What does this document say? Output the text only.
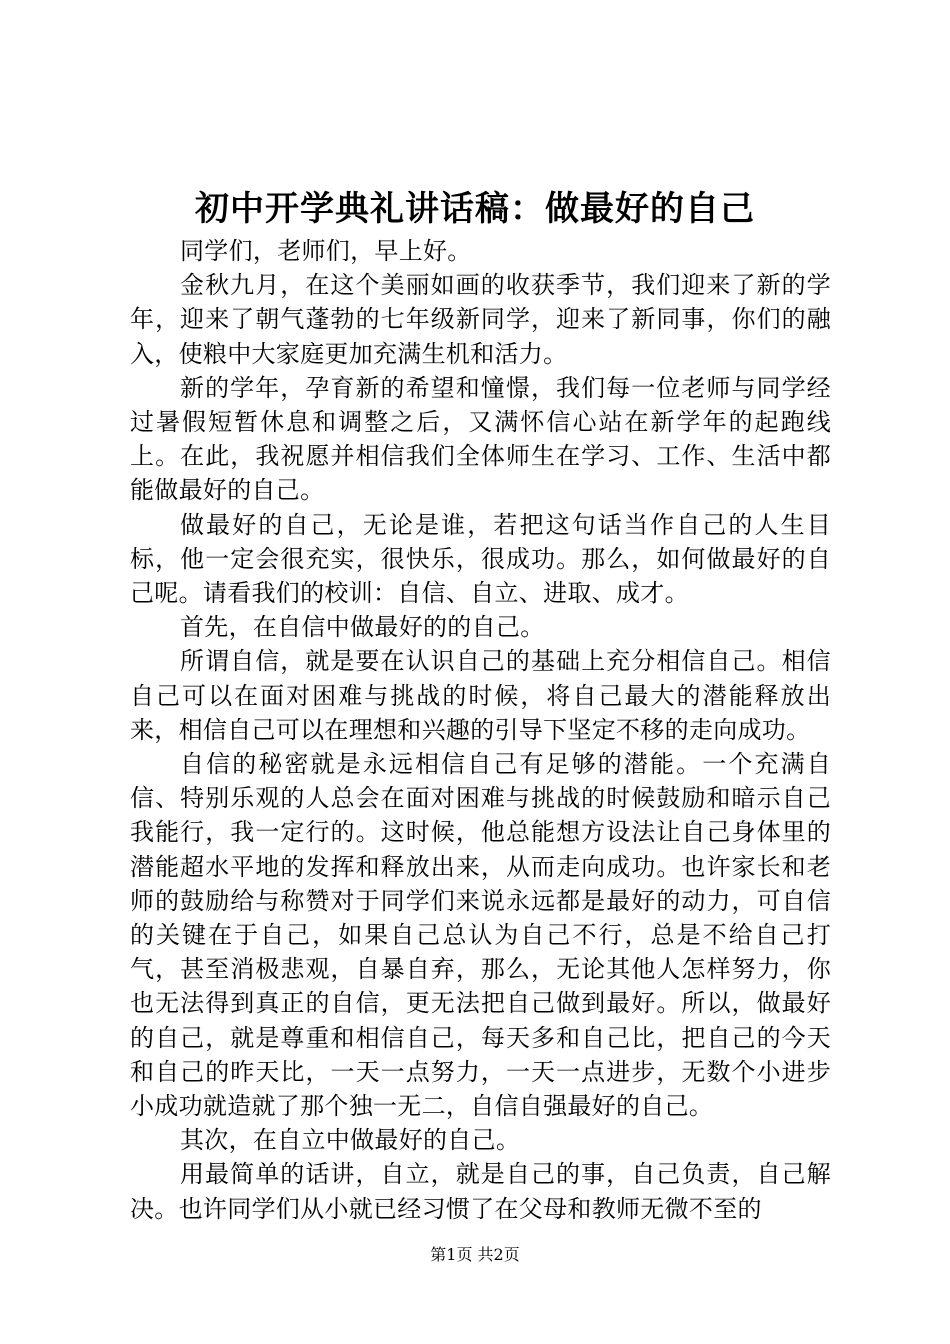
初中开学典礼讲话稿：做最好的自己

同学们，老师们，早上好。

金秋九月，在这个美丽如画的收获季节，我们迎来了新的学年，迎来了朝气蓬勃的七年级新同学，迎来了新同事，你们的融入，使粮中大家庭更加充满生机和活力。

新的学年，孕育新的希望和憧憬，我们每一位老师与同学经过暑假短暂休息和调整之后，又满怀信心站在新学年的起跑线上。在此，我祝愿并相信我们全体师生在学习、工作、生活中都能做最好的自己。

做最好的自己，无论是谁，若把这句话当作自己的人生目标，他一定会很充实，很快乐，很成功。那么，如何做最好的自己呢。请看我们的校训：自信、自立、进取、成才。

首先，在自信中做最好的的自己。

所谓自信，就是要在认识自己的基础上充分相信自己。相信自己可以在面对困难与挑战的时候，将自己最大的潜能释放出来，相信自己可以在理想和兴趣的引导下坚定不移的走向成功。

自信的秘密就是永远相信自己有足够的潜能。一个充满自信、特别乐观的人总会在面对困难与挑战的时候鼓励和暗示自己我能行，我一定行的。这时候，他总能想方设法让自己身体里的潜能超水平地的发挥和释放出来，从而走向成功。也许家长和老师的鼓励给与称赞对于同学们来说永远都是最好的动力，可自信的关键在于自己，如果自己总认为自己不行，总是不给自己打气，甚至消极悲观，自暴自弃，那么，无论其他人怎样努力，你也无法得到真正的自信，更无法把自己做到最好。所以，做最好的自己，就是尊重和相信自己，每天多和自己比，把自己的今天和自己的昨天比，一天一点努力，一天一点进步，无数个小进步小成功就造就了那个独一无二，自信自强最好的自己。

其次，在自立中做最好的自己。

用最简单的话讲，自立，就是自己的事，自己负责，自己解决。也许同学们从小就已经习惯了在父母和教师无微不至的

第1页 共2页
